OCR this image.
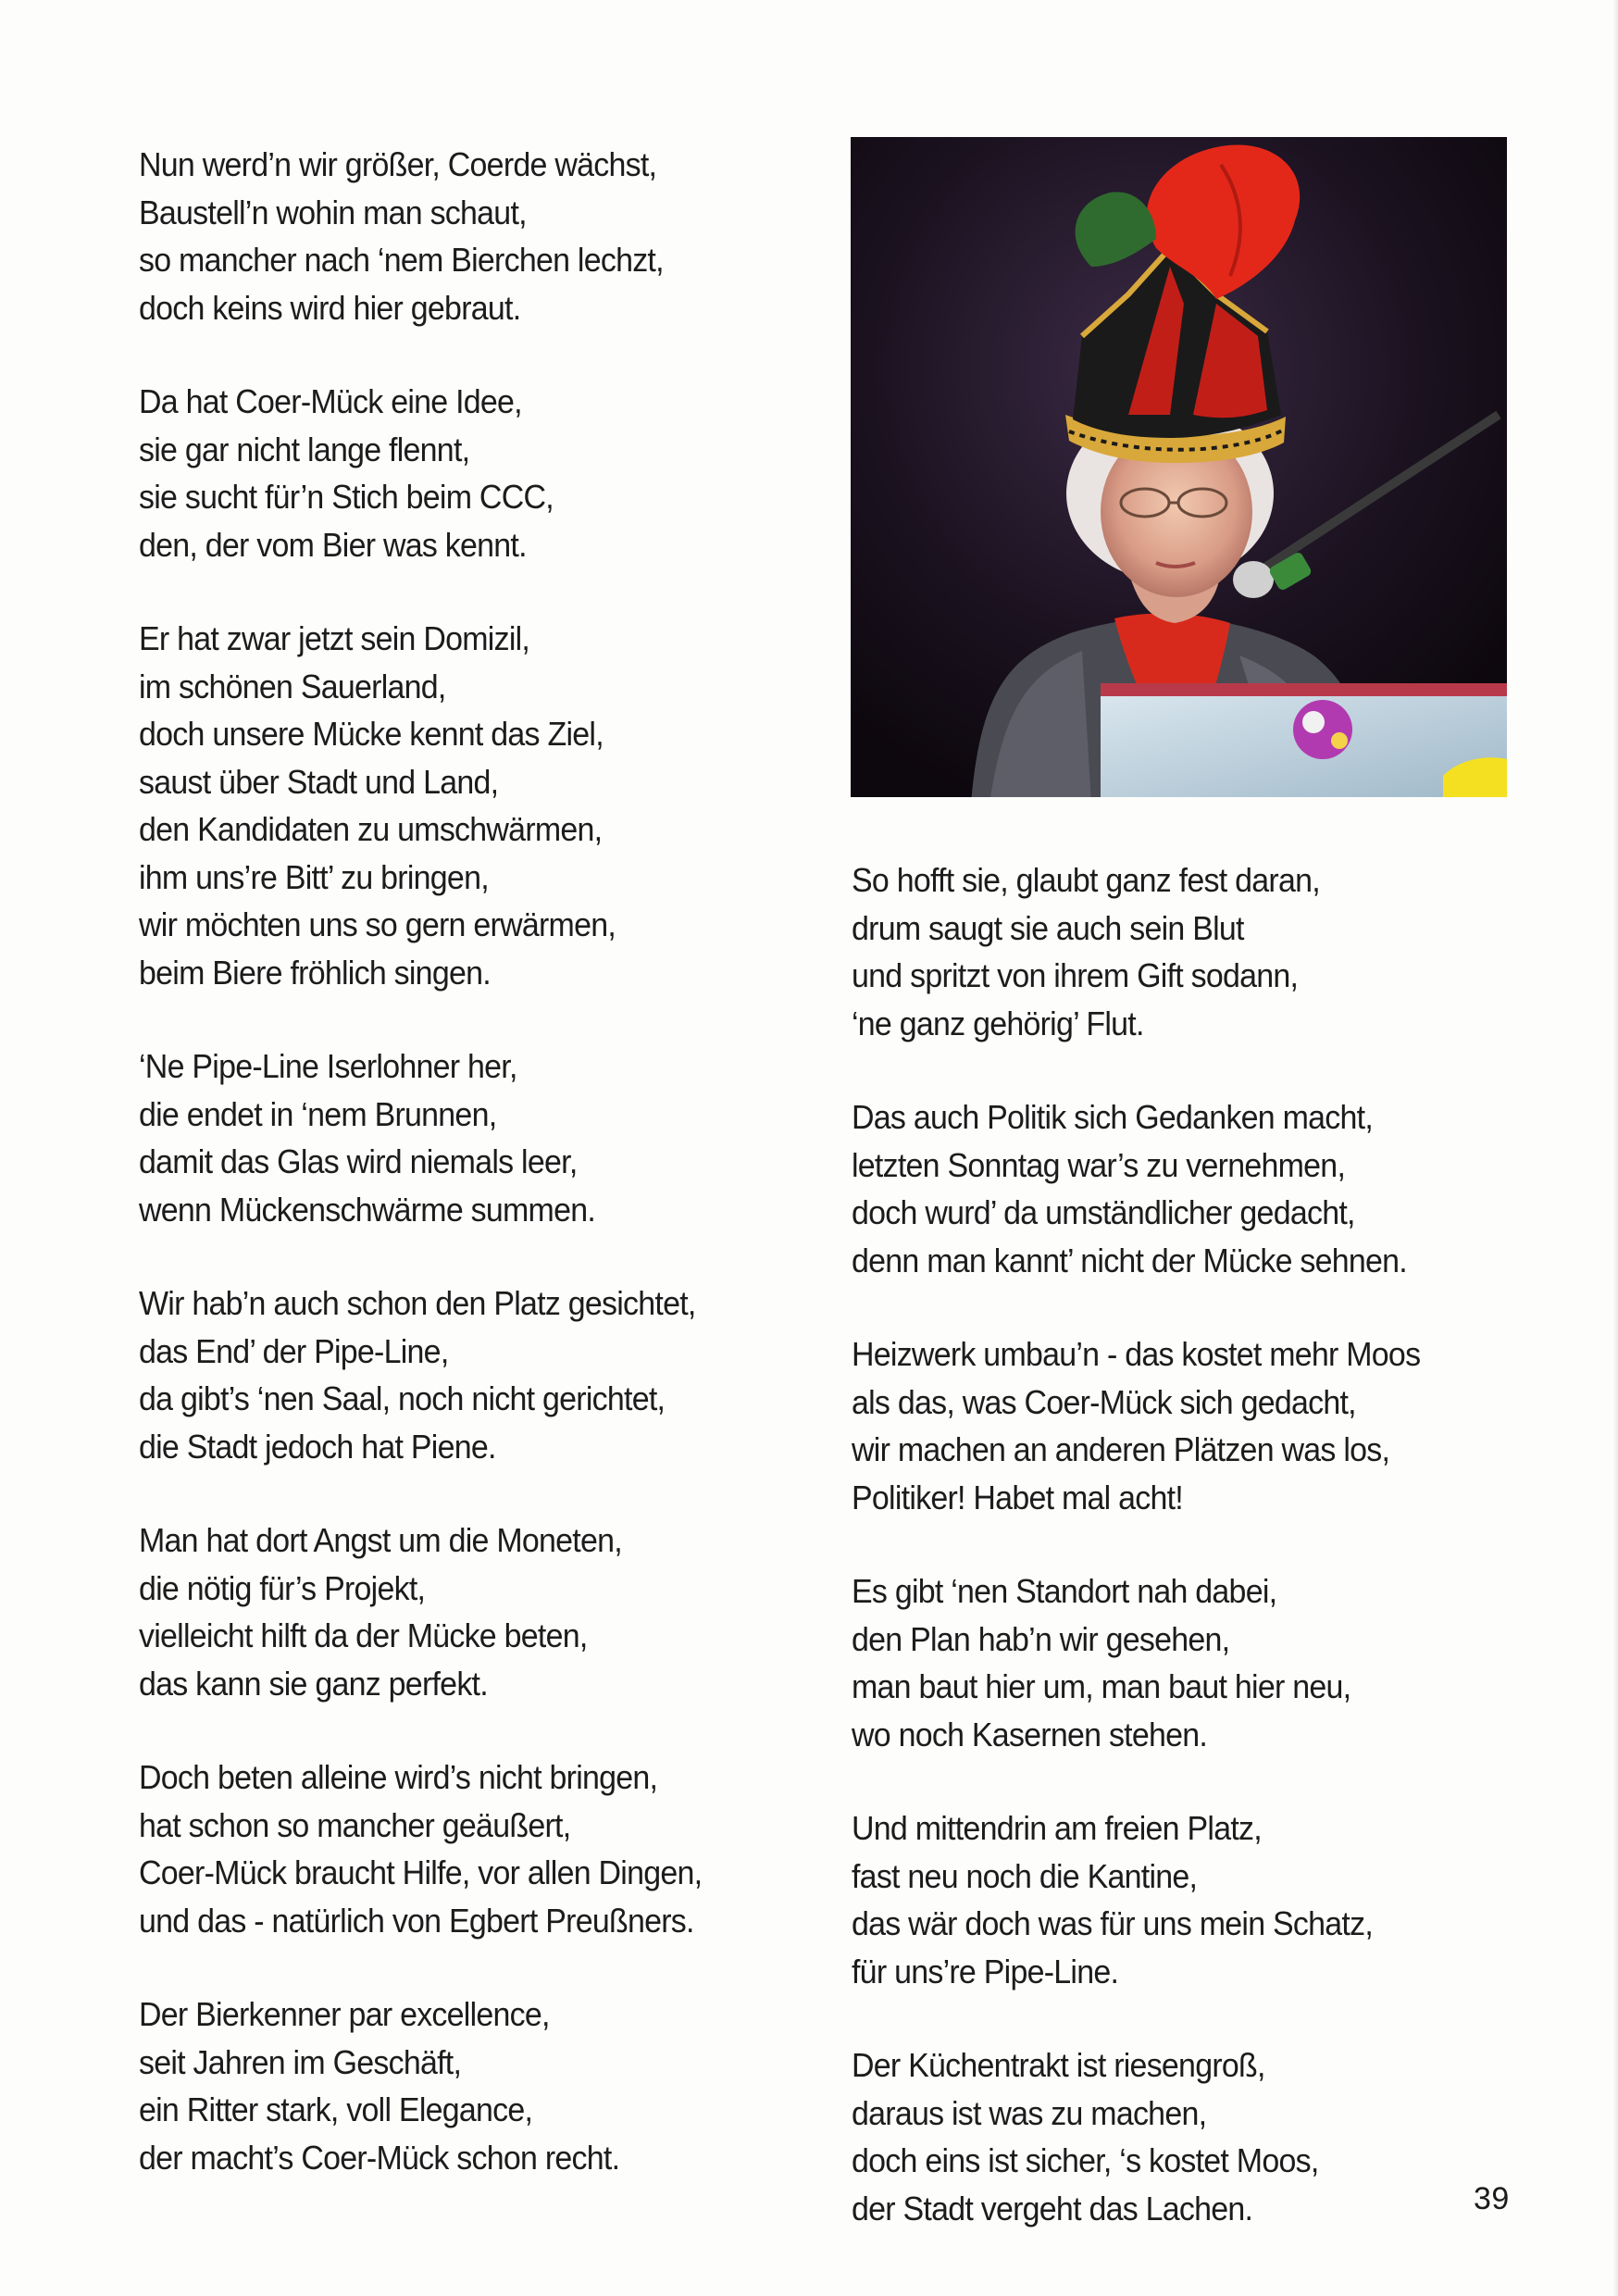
Nun werd’n wir größer, Coerde wächst,
Baustell’n wohin man schaut,
so mancher nach ‘nem Bierchen lechzt,
doch keins wird hier gebraut.
Da hat Coer-Mück eine Idee,
sie gar nicht lange flennt,
sie sucht für’n Stich beim CCC,
den, der vom Bier was kennt.
Er hat zwar jetzt sein Domizil,
im schönen Sauerland,
doch unsere Mücke kennt das Ziel,
saust über Stadt und Land,
den Kandidaten zu umschwärmen,
ihm uns’re Bitt’ zu bringen,
wir möchten uns so gern erwärmen,
beim Biere fröhlich singen.
‘Ne Pipe-Line Iserlohner her,
die endet in ‘nem Brunnen,
damit das Glas wird niemals leer,
wenn Mückenschwärme summen.
Wir hab’n auch schon den Platz gesichtet,
das End’ der Pipe-Line,
da gibt’s ‘nen Saal, noch nicht gerichtet,
die Stadt jedoch hat Piene.
Man hat dort Angst um die Moneten,
die nötig für’s Projekt,
vielleicht hilft da der Mücke beten,
das kann sie ganz perfekt.
Doch beten alleine wird’s nicht bringen,
hat schon so mancher geäußert,
Coer-Mück braucht Hilfe, vor allen Dingen,
und das - natürlich von Egbert Preußners.
Der Bierkenner par excellence,
seit Jahren im Geschäft,
ein Ritter stark, voll Elegance,
der macht’s Coer-Mück schon recht.
So hofft sie, glaubt ganz fest daran,
drum saugt sie auch sein Blut
und spritzt von ihrem Gift sodann,
‘ne ganz gehörig’ Flut.
Das auch Politik sich Gedanken macht,
letzten Sonntag war’s zu vernehmen,
doch wurd’ da umständlicher gedacht,
denn man kannt’ nicht der Mücke sehnen.
Heizwerk umbau’n - das kostet mehr Moos
als das, was Coer-Mück sich gedacht,
wir machen an anderen Plätzen was los,
Politiker! Habet mal acht!
Es gibt ‘nen Standort nah dabei,
den Plan hab’n wir gesehen,
man baut hier um, man baut hier neu,
wo noch Kasernen stehen.
Und mittendrin am freien Platz,
fast neu noch die Kantine,
das wär doch was für uns mein Schatz,
für uns’re Pipe-Line.
Der Küchentrakt ist riesengroß,
daraus ist was zu machen,
doch eins ist sicher, ‘s kostet Moos,
der Stadt vergeht das Lachen.	39
